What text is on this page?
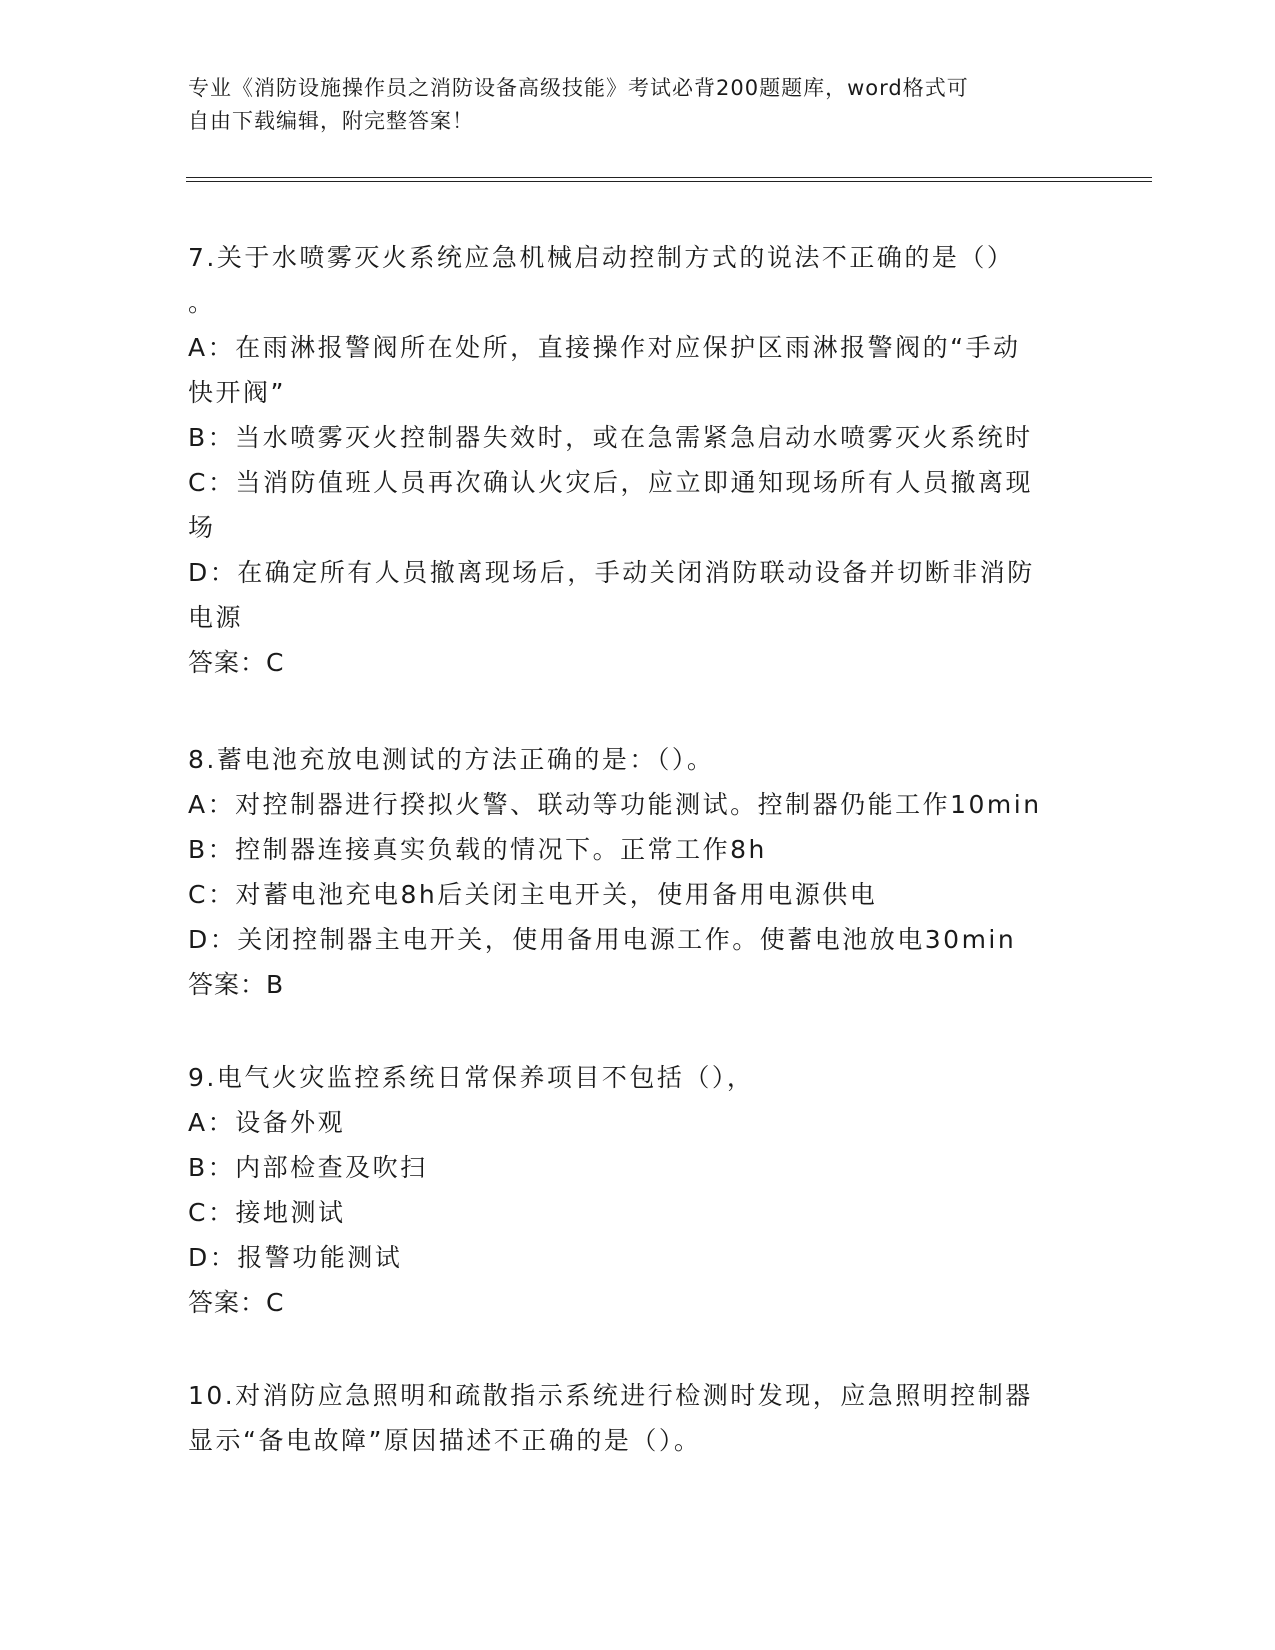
专业《消防设施操作员之消防设备高级技能》考试必背200题题库，word格式可
自由下载编辑，附完整答案！

7.关于水喷雾灭火系统应急机械启动控制方式的说法不正确的是（）

。

A：在雨淋报警阀所在处所，直接操作对应保护区雨淋报警阀的“手动

快开阀”

B：当水喷雾灭火控制器失效时，或在急需紧急启动水喷雾灭火系统时

C：当消防值班人员再次确认火灾后，应立即通知现场所有人员撤离现

场

D：在确定所有人员撤离现场后，手动关闭消防联动设备并切断非消防

电源

答案：C

8.蓄电池充放电测试的方法正确的是：（）。

A：对控制器进行揆拟火警、联动等功能测试。控制器仍能工作10min

B：控制器连接真实负载的情况下。正常工作8h

C：对蓄电池充电8h后关闭主电开关，使用备用电源供电

D：关闭控制器主电开关，使用备用电源工作。使蓄电池放电30min

答案：B

9.电气火灾监控系统日常保养项目不包括（），

A：设备外观

B：内部检查及吹扫

C：接地测试

D：报警功能测试

答案：C

10.对消防应急照明和疏散指示系统进行检测时发现，应急照明控制器

显示“备电故障”原因描述不正确的是（）。
